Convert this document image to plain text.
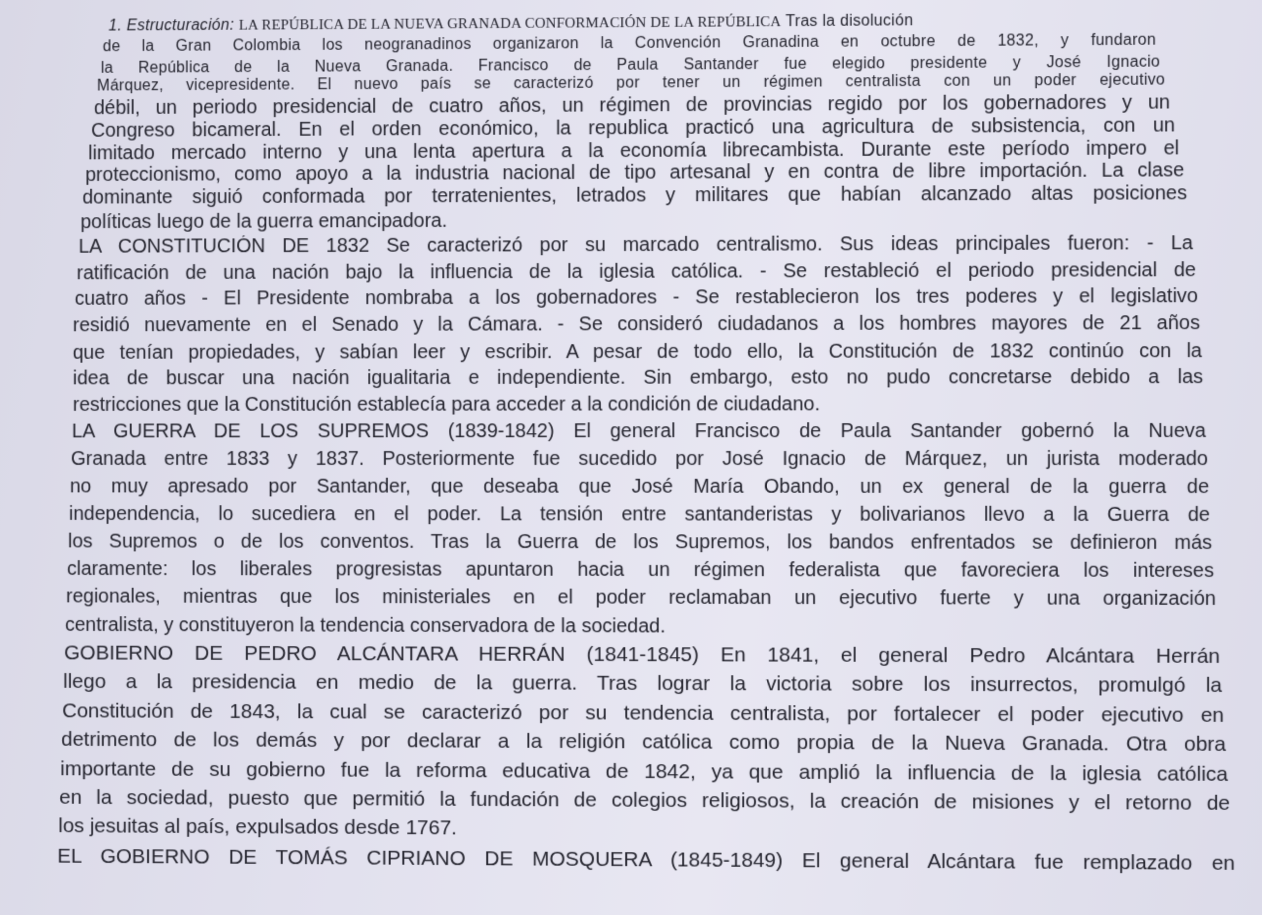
1. Estructuración: LA REPÚBLICA DE LA NUEVA GRANADA CONFORMACIÓN DE LA REPÚBLICA Tras la disolución
de la Gran Colombia los neogranadinos organizaron la Convención Granadina en octubre de 1832, y fundaron
la República de la Nueva Granada. Francisco de Paula Santander fue elegido presidente y José Ignacio
Márquez, vicepresidente. El nuevo país se caracterizó por tener un régimen centralista con un poder ejecutivo
débil, un periodo presidencial de cuatro años, un régimen de provincias regido por los gobernadores y un
Congreso bicameral. En el orden económico, la republica practicó una agricultura de subsistencia, con un
limitado mercado interno y una lenta apertura a la economía librecambista. Durante este período impero el
proteccionismo, como apoyo a la industria nacional de tipo artesanal y en contra de libre importación. La clase
dominante siguió conformada por terratenientes, letrados y militares que habían alcanzado altas posiciones
políticas luego de la guerra emancipadora.
LA CONSTITUCIÓN DE 1832 Se caracterizó por su marcado centralismo. Sus ideas principales fueron: - La
ratificación de una nación bajo la influencia de la iglesia católica. - Se restableció el periodo presidencial de
cuatro años - El Presidente nombraba a los gobernadores - Se restablecieron los tres poderes y el legislativo
residió nuevamente en el Senado y la Cámara. - Se consideró ciudadanos a los hombres mayores de 21 años
que tenían propiedades, y sabían leer y escribir. A pesar de todo ello, la Constitución de 1832 continúo con la
idea de buscar una nación igualitaria e independiente. Sin embargo, esto no pudo concretarse debido a las
restricciones que la Constitución establecía para acceder a la condición de ciudadano.
LA GUERRA DE LOS SUPREMOS (1839-1842) El general Francisco de Paula Santander gobernó la Nueva
Granada entre 1833 y 1837. Posteriormente fue sucedido por José Ignacio de Márquez, un jurista moderado
no muy apresado por Santander, que deseaba que José María Obando, un ex general de la guerra de
independencia, lo sucediera en el poder. La tensión entre santanderistas y bolivarianos llevo a la Guerra de
los Supremos o de los conventos. Tras la Guerra de los Supremos, los bandos enfrentados se definieron más
claramente: los liberales progresistas apuntaron hacia un régimen federalista que favoreciera los intereses
regionales, mientras que los ministeriales en el poder reclamaban un ejecutivo fuerte y una organización
centralista, y constituyeron la tendencia conservadora de la sociedad.
GOBIERNO DE PEDRO ALCÁNTARA HERRÁN (1841-1845) En 1841, el general Pedro Alcántara Herrán
llego a la presidencia en medio de la guerra. Tras lograr la victoria sobre los insurrectos, promulgó la
Constitución de 1843, la cual se caracterizó por su tendencia centralista, por fortalecer el poder ejecutivo en
detrimento de los demás y por declarar a la religión católica como propia de la Nueva Granada. Otra obra
importante de su gobierno fue la reforma educativa de 1842, ya que amplió la influencia de la iglesia católica
en la sociedad, puesto que permitió la fundación de colegios religiosos, la creación de misiones y el retorno de
los jesuitas al país, expulsados desde 1767.
EL GOBIERNO DE TOMÁS CIPRIANO DE MOSQUERA (1845-1849) El general Alcántara fue remplazado en
